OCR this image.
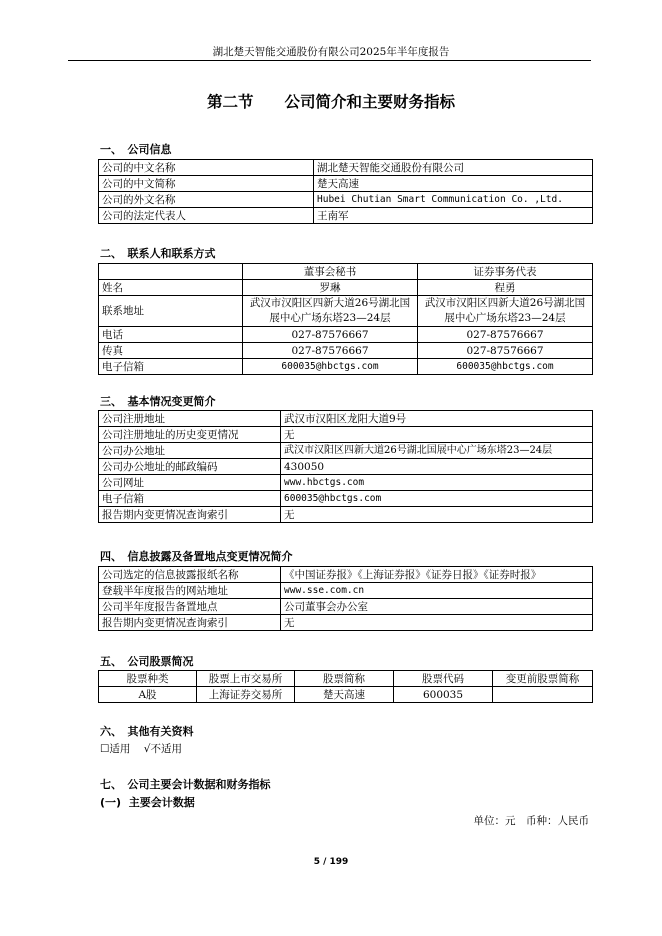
湖北楚天智能交通股份有限公司2025年半年度报告
第二节　　公司简介和主要财务指标
一、　公司信息
公司的中文名称	湖北楚天智能交通股份有限公司
公司的中文简称	楚天高速
公司的外文名称	Hubei Chutian Smart Communication Co. ,Ltd.
公司的法定代表人	王南军
二、　联系人和联系方式
	董事会秘书	证券事务代表
姓名	罗琳	程勇
联系地址	武汉市汉阳区四新大道26号湖北国展中心广场东塔23—24层	武汉市汉阳区四新大道26号湖北国展中心广场东塔23—24层
电话	027-87576667	027-87576667
传真	027-87576667	027-87576667
电子信箱	600035@hbctgs.com	600035@hbctgs.com
三、　基本情况变更简介
公司注册地址	武汉市汉阳区龙阳大道9号
公司注册地址的历史变更情况	无
公司办公地址	武汉市汉阳区四新大道26号湖北国展中心广场东塔23—24层
公司办公地址的邮政编码	430050
公司网址	www.hbctgs.com
电子信箱	600035@hbctgs.com
报告期内变更情况查询索引	无
四、　信息披露及备置地点变更情况简介
公司选定的信息披露报纸名称	《中国证券报》《上海证券报》《证券日报》《证券时报》
登载半年度报告的网站地址	www.sse.com.cn
公司半年度报告备置地点	公司董事会办公室
报告期内变更情况查询索引	无
五、　公司股票简况
股票种类	股票上市交易所	股票简称	股票代码	变更前股票简称
A股	上海证券交易所	楚天高速	600035	
六、　其他有关资料
☐适用 √不适用
七、　公司主要会计数据和财务指标
(一)  主要会计数据
单位：元　币种：人民币
5 / 199
